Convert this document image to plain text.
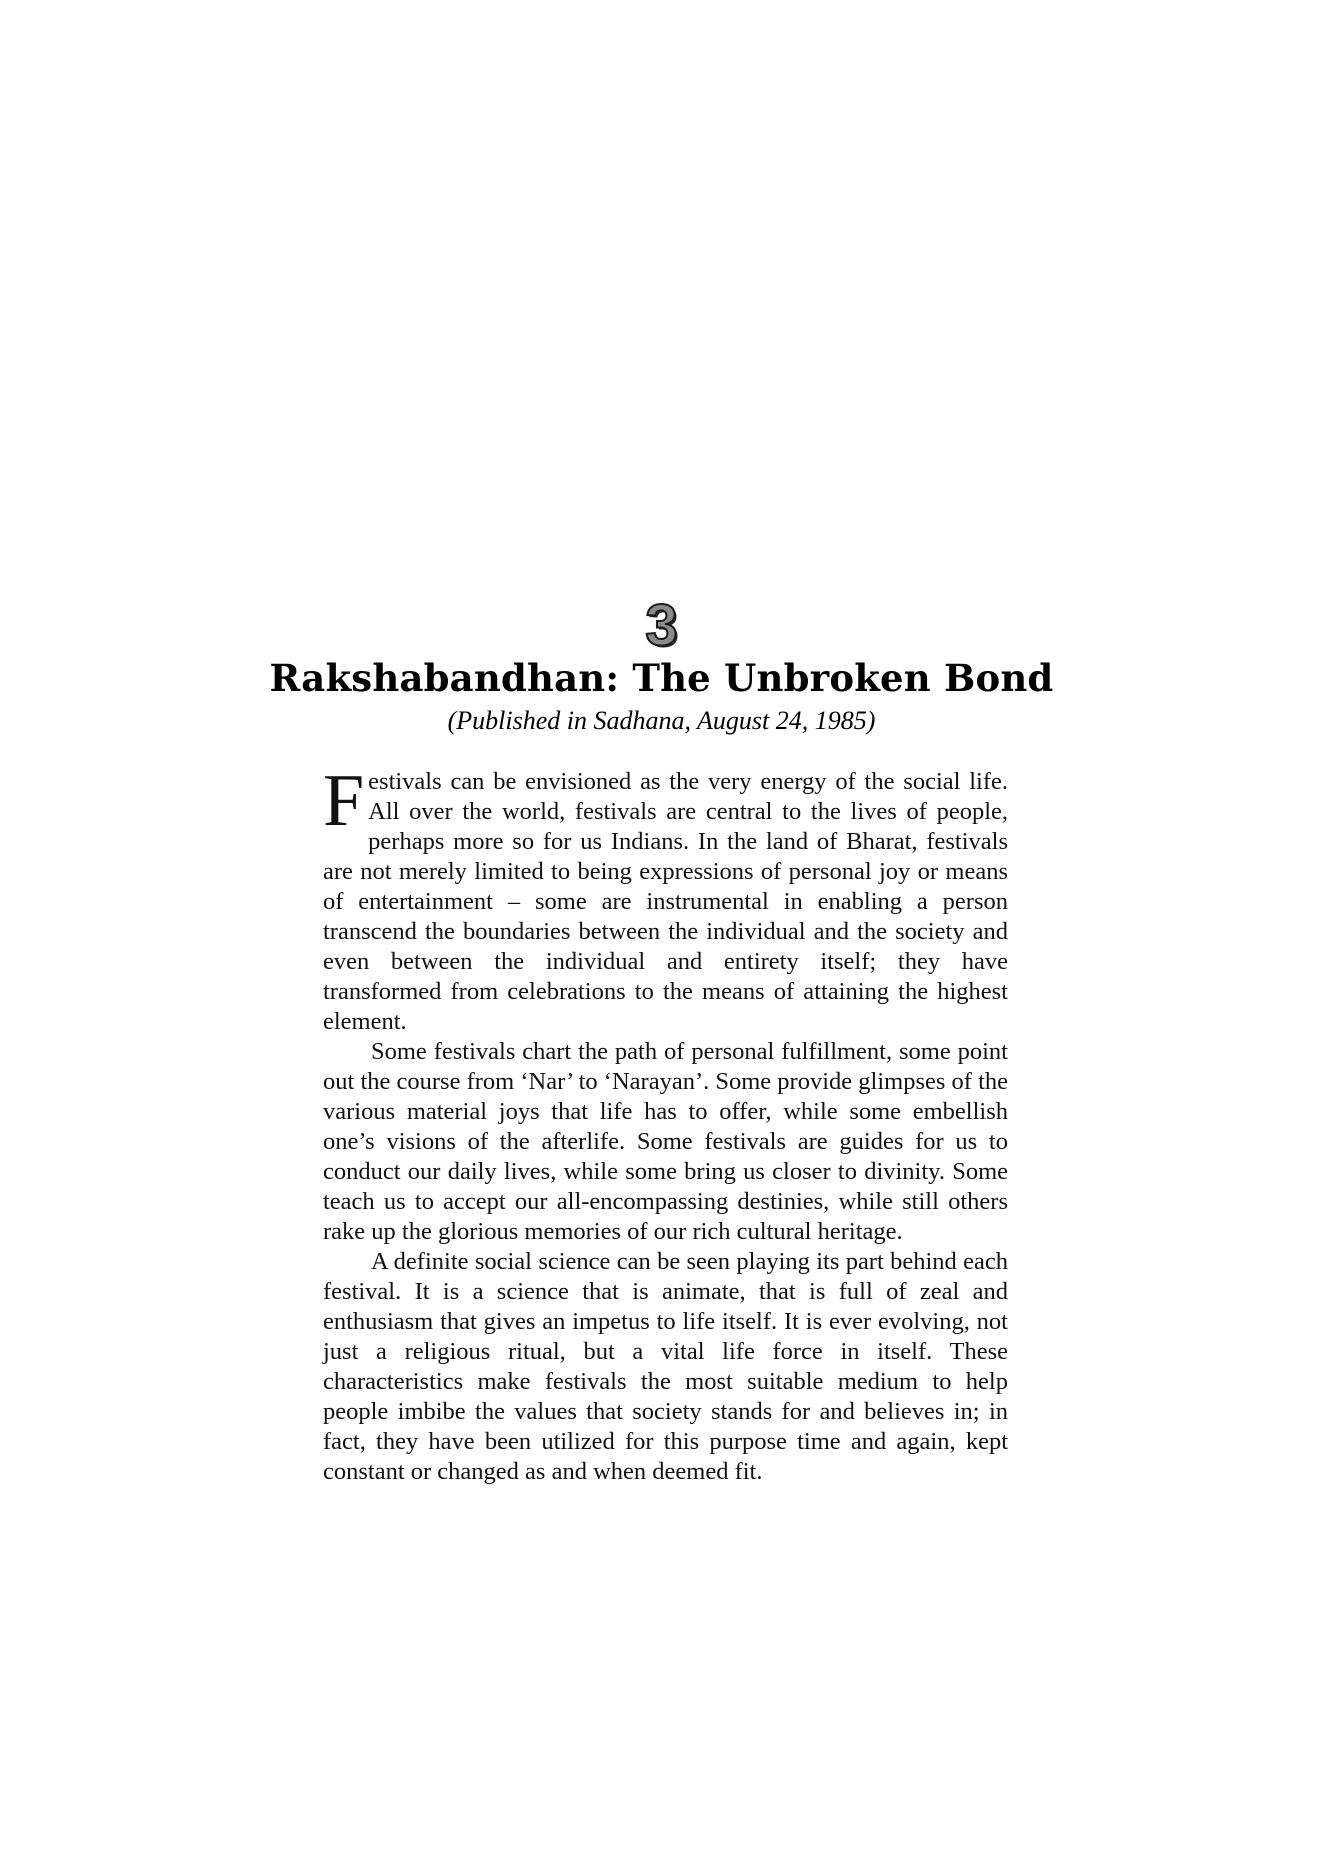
3
Rakshabandhan: The Unbroken Bond
(Published in Sadhana, August 24, 1985)

Festivals can be envisioned as the very energy of the social life. All over the world, festivals are central to the lives of people, perhaps more so for us Indians. In the land of Bharat, festivals are not merely limited to being expressions of personal joy or means of entertainment – some are instrumental in enabling a person transcend the boundaries between the individual and the society and even between the individual and entirety itself; they have transformed from celebrations to the means of attaining the highest element.

Some festivals chart the path of personal fulfillment, some point out the course from ‘Nar’ to ‘Narayan’. Some provide glimpses of the various material joys that life has to offer, while some embellish one’s visions of the afterlife. Some festivals are guides for us to conduct our daily lives, while some bring us closer to divinity. Some teach us to accept our all-encompassing destinies, while still others rake up the glorious memories of our rich cultural heritage.

A definite social science can be seen playing its part behind each festival. It is a science that is animate, that is full of zeal and enthusiasm that gives an impetus to life itself. It is ever evolving, not just a religious ritual, but a vital life force in itself. These characteristics make festivals the most suitable medium to help people imbibe the values that society stands for and believes in; in fact, they have been utilized for this purpose time and again, kept constant or changed as and when deemed fit.
